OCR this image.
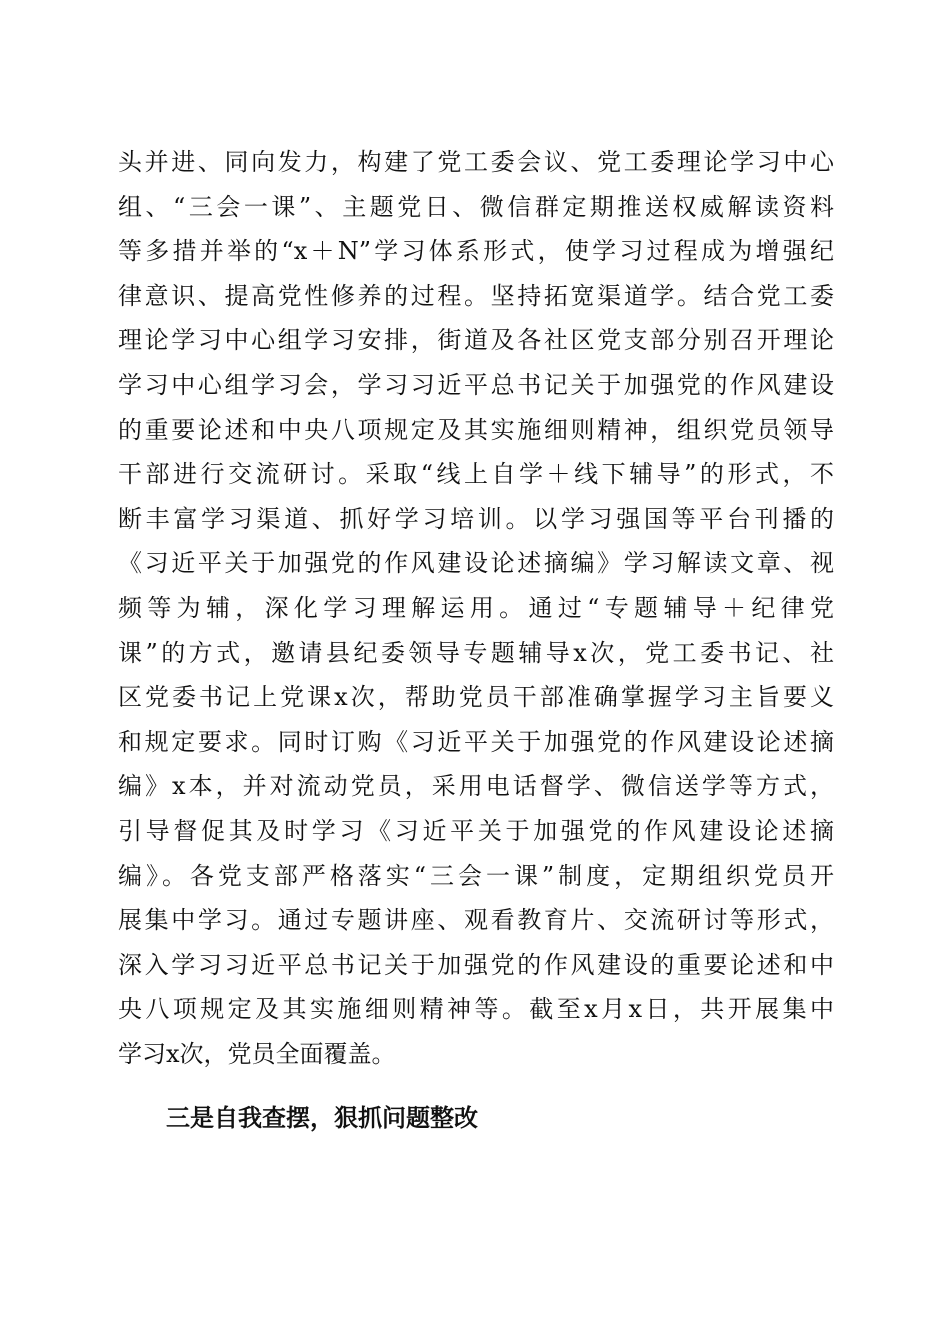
头并进、同向发力，构建了党工委会议、党工委理论学习中心
组、“三会一课”、主题党日、微信群定期推送权威解读资料
等多措并举的“x＋N”学习体系形式，使学习过程成为增强纪
律意识、提高党性修养的过程。坚持拓宽渠道学。结合党工委
理论学习中心组学习安排，街道及各社区党支部分别召开理论
学习中心组学习会，学习习近平总书记关于加强党的作风建设
的重要论述和中央八项规定及其实施细则精神，组织党员领导
干部进行交流研讨。采取“线上自学＋线下辅导”的形式，不
断丰富学习渠道、抓好学习培训。以学习强国等平台刊播的
《习近平关于加强党的作风建设论述摘编》学习解读文章、视
频等为辅，深化学习理解运用。通过“专题辅导＋纪律党
课”的方式，邀请县纪委领导专题辅导x次，党工委书记、社
区党委书记上党课x次，帮助党员干部准确掌握学习主旨要义
和规定要求。同时订购《习近平关于加强党的作风建设论述摘
编》x本，并对流动党员，采用电话督学、微信送学等方式，
引导督促其及时学习《习近平关于加强党的作风建设论述摘
编》。各党支部严格落实“三会一课”制度，定期组织党员开
展集中学习。通过专题讲座、观看教育片、交流研讨等形式，
深入学习习近平总书记关于加强党的作风建设的重要论述和中
央八项规定及其实施细则精神等。截至x月x日，共开展集中
学习x次，党员全面覆盖。
三是自我查摆，狠抓问题整改
